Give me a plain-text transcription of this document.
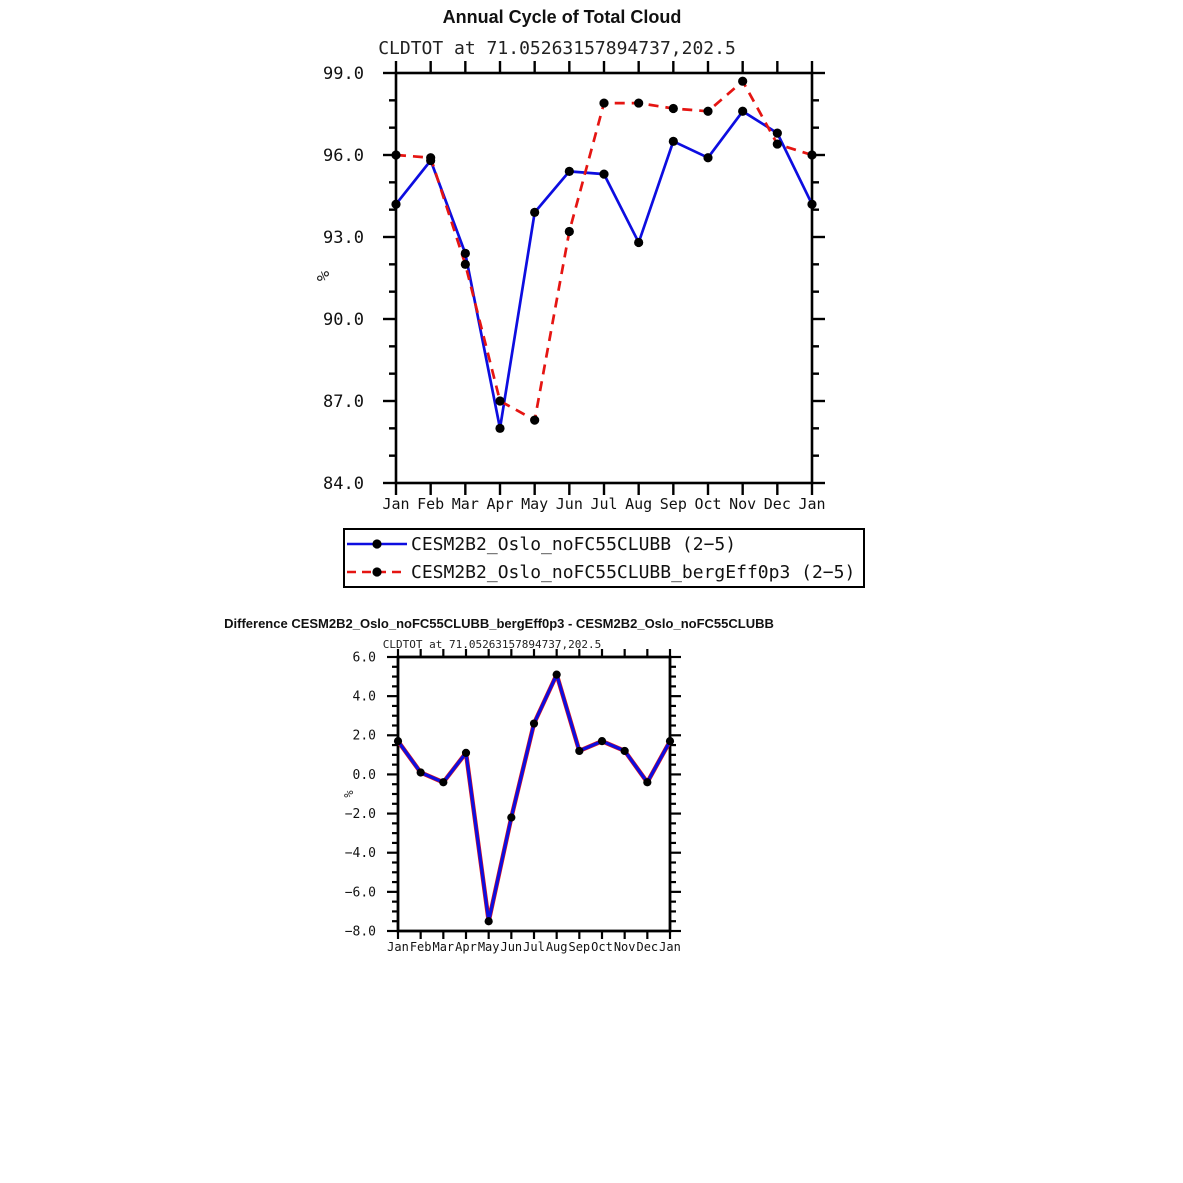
84.0
87.0
90.0
93.0
96.0
99.0
Jan Feb Mar Apr May Jun Jul Aug Sep Oct Nov Dec Jan
−8.0
−6.0
−4.0
−2.0
0.0
2.0
4.0
6.0
Jan Feb Mar Apr May Jun Jul Aug Sep Oct Nov Dec Jan
Annual Cycle of Total Cloud
CLDTOT at 71.05263157894737,202.5
%
CESM2B2_Oslo_noFC55CLUBB (2−5)
CESM2B2_Oslo_noFC55CLUBB_bergEff0p3 (2−5)
Difference CESM2B2_Oslo_noFC55CLUBB_bergEff0p3 - CESM2B2_Oslo_noFC55CLUBB
CLDTOT at 71.05263157894737,202.5
%
